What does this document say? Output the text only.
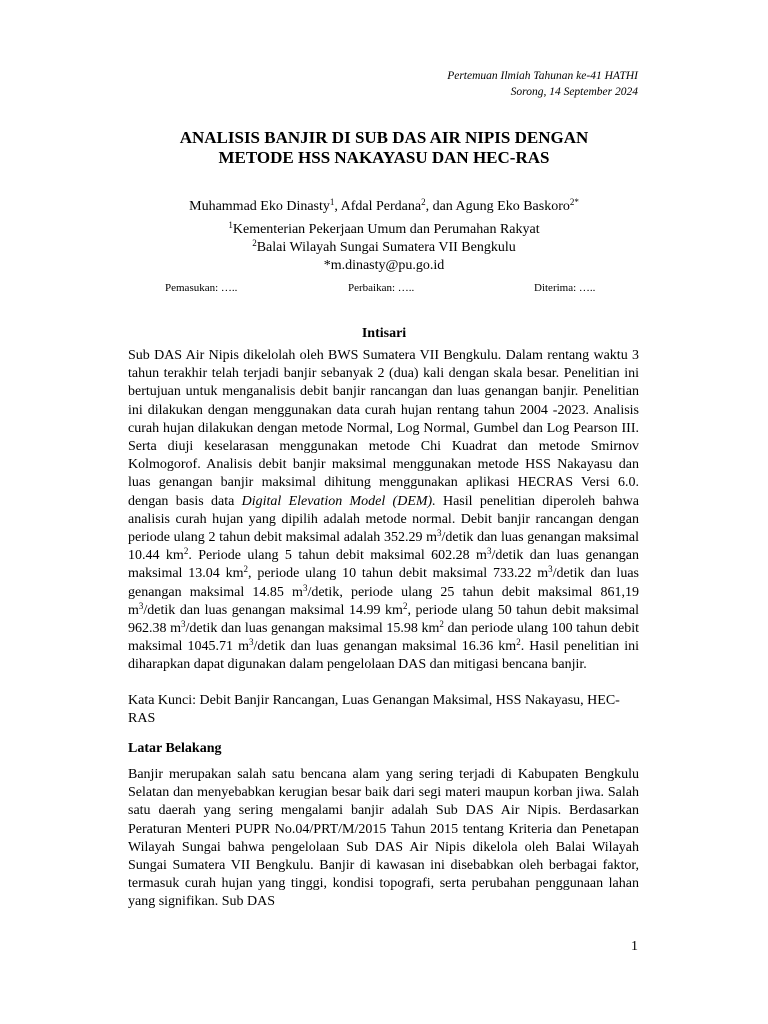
Pertemuan Ilmiah Tahunan ke-41 HATHI
Sorong, 14 September 2024
ANALISIS BANJIR DI SUB DAS AIR NIPIS DENGAN
METODE HSS NAKAYASU DAN HEC-RAS
Muhammad Eko Dinasty$^1$, Afdal Perdana$^2$, dan Agung Eko Baskoro$^{2*}$
$^1$Kementerian Pekerjaan Umum dan Perumahan Rakyat
$^2$Balai Wilayah Sungai Sumatera VII Bengkulu
*m.dinasty@pu.go.id
Pemasukan: …..	Perbaikan: …..	Diterima: …..
Intisari

Sub DAS Air Nipis dikelolah oleh BWS Sumatera VII Bengkulu. Dalam rentang waktu 3 tahun terakhir telah terjadi banjir sebanyak 2 (dua) kali dengan skala besar. Penelitian ini bertujuan untuk menganalisis debit banjir rancangan dan luas genangan banjir. Penelitian ini dilakukan dengan menggunakan data curah hujan rentang tahun 2004 -2023. Analisis curah hujan dilakukan dengan metode Normal, Log Normal, Gumbel dan Log Pearson III. Serta diuji keselarasan menggunakan metode Chi Kuadrat dan metode Smirnov Kolmogorof. Analisis debit banjir maksimal menggunakan metode HSS Nakayasu dan luas genangan banjir maksimal dihitung menggunakan aplikasi HECRAS Versi 6.0. dengan basis data Digital Elevation Model (DEM). Hasil penelitian diperoleh bahwa analisis curah hujan yang dipilih adalah metode normal. Debit banjir rancangan dengan periode ulang 2 tahun debit maksimal adalah 352.29 $m^3$/detik dan luas genangan maksimal 10.44 $km^2$. Periode ulang 5 tahun debit maksimal 602.28 $m^3$/detik dan luas genangan maksimal 13.04 $km^2$, periode ulang 10 tahun debit maksimal 733.22 $m^3$/detik dan luas genangan maksimal 14.85 $m^3$/detik, periode ulang 25 tahun debit maksimal 861,19 $m^3$/detik dan luas genangan maksimal 14.99 $km^2$, periode ulang 50 tahun debit maksimal 962.38 $m^3$/detik dan luas genangan maksimal 15.98 $km^2$ dan periode ulang 100 tahun debit maksimal 1045.71 $m^3$/detik dan luas genangan maksimal 16.36 $km^2$. Hasil penelitian ini diharapkan dapat digunakan dalam pengelolaan DAS dan mitigasi bencana banjir.

Kata Kunci: Debit Banjir Rancangan, Luas Genangan Maksimal, HSS Nakayasu, HEC-RAS
Latar Belakang

Banjir merupakan salah satu bencana alam yang sering terjadi di Kabupaten Bengkulu Selatan dan menyebabkan kerugian besar baik dari segi materi maupun korban jiwa. Salah satu daerah yang sering mengalami banjir adalah Sub DAS Air Nipis. Berdasarkan Peraturan Menteri PUPR No.04/PRT/M/2015 Tahun 2015 tentang Kriteria dan Penetapan Wilayah Sungai bahwa pengelolaan Sub DAS Air Nipis dikelola oleh Balai Wilayah Sungai Sumatera VII Bengkulu. Banjir di kawasan ini disebabkan oleh berbagai faktor, termasuk curah hujan yang tinggi, kondisi topografi, serta perubahan penggunaan lahan yang signifikan. Sub DAS

1
